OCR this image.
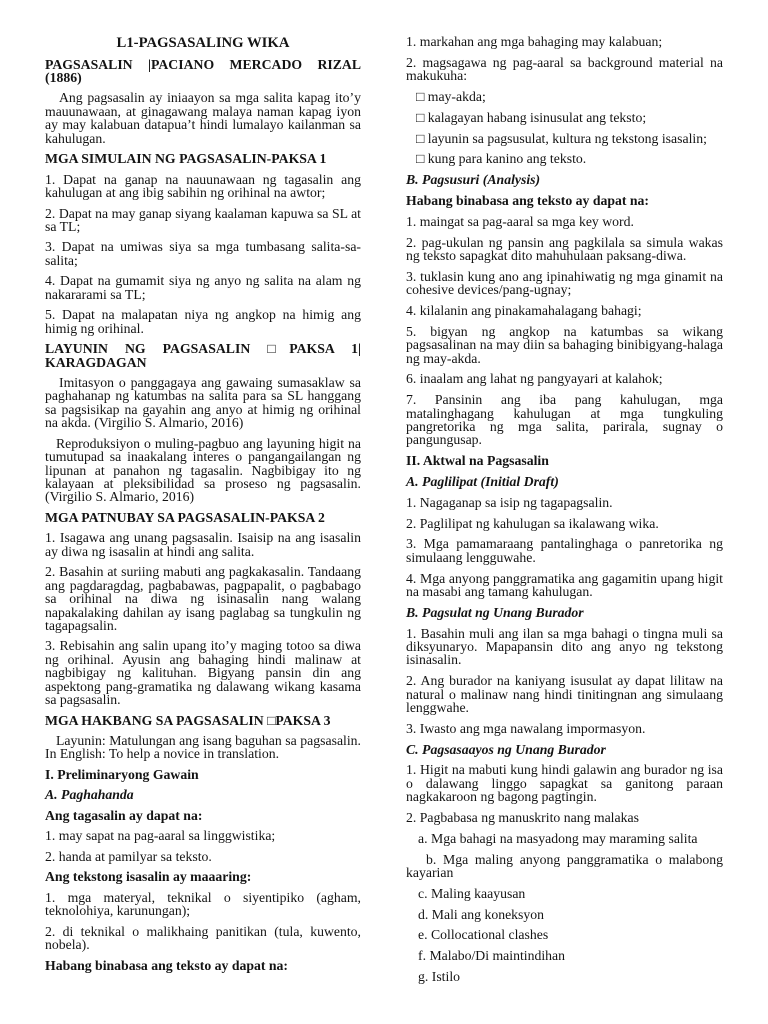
L1-PAGSASALING WIKA

PAGSASALIN |PACIANO MERCADO RIZAL (1886)

Ang pagsasalin ay iniaayon sa mga salita kapag ito’y mauunawaan, at ginagawang malaya naman kapag iyon ay may kalabuan datapua’t hindi lumalayo kailanman sa kahulugan.

MGA SIMULAIN NG PAGSASALIN-PAKSA 1

1. Dapat na ganap na nauunawaan ng tagasalin ang kahulugan at ang ibig sabihin ng orihinal na awtor;

2. Dapat na may ganap siyang kaalaman kapuwa sa SL at sa TL;

3. Dapat na umiwas siya sa mga tumbasang salita-sa-salita;

4. Dapat na gumamit siya ng anyo ng salita na alam ng nakararami sa TL;

5. Dapat na malapatan niya ng angkop na himig ang himig ng orihinal.

LAYUNIN NG PAGSASALIN □PAKSA 1| KARAGDAGAN

Imitasyon o panggagaya ang gawaing sumasaklaw sa paghahanap ng katumbas na salita para sa SL hanggang sa pagsisikap na gayahin ang anyo at himig ng orihinal na akda. (Virgilio S. Almario, 2016)

Reproduksiyon o muling-pagbuo ang layuning higit na tumutupad sa inaakalang interes o pangangailangan ng lipunan at panahon ng tagasalin. Nagbibigay ito ng kalayaan at pleksibilidad sa proseso ng pagsasalin. (Virgilio S. Almario, 2016)

MGA PATNUBAY SA PAGSASALIN-PAKSA 2

1. Isagawa ang unang pagsasalin. Isaisip na ang isasalin ay diwa ng isasalin at hindi ang salita.

2. Basahin at suriing mabuti ang pagkakasalin. Tandaang ang pagdaragdag, pagbabawas, pagpapalit, o pagbabago sa orihinal na diwa ng isinasalin nang walang napakalaking dahilan ay isang paglabag sa tungkulin ng tagapagsalin.

3. Rebisahin ang salin upang ito’y maging totoo sa diwa ng orihinal. Ayusin ang bahaging hindi malinaw at nagbibigay ng kalituhan. Bigyang pansin din ang aspektong pang-gramatika ng dalawang wikang kasama sa pagsasalin.

MGA HAKBANG SA PAGSASALIN □PAKSA 3

Layunin: Matulungan ang isang baguhan sa pagsasalin. In English: To help a novice in translation.

I. Preliminaryong Gawain

A. Paghahanda

Ang tagasalin ay dapat na:

1. may sapat na pag-aaral sa linggwistika;

2. handa at pamilyar sa teksto.

Ang tekstong isasalin ay maaaring:

1. mga materyal, teknikal o siyentipiko (agham, teknolohiya, karunungan);

2. di teknikal o malikhaing panitikan (tula, kuwento, nobela).

Habang binabasa ang teksto ay dapat na:

1. markahan ang mga bahaging may kalabuan;

2. magsagawa ng pag-aaral sa background material na makukuha:

□ may-akda;

□ kalagayan habang isinusulat ang teksto;

□ layunin sa pagsusulat, kultura ng tekstong isasalin;

□ kung para kanino ang teksto.

B. Pagsusuri (Analysis)

Habang binabasa ang teksto ay dapat na:

1. maingat sa pag-aaral sa mga key word.

2. pag-ukulan ng pansin ang pagkilala sa simula wakas ng teksto sapagkat dito mahuhulaan paksang-diwa.

3. tuklasin kung ano ang ipinahiwatig ng mga ginamit na cohesive devices/pang-ugnay;

4. kilalanin ang pinakamahalagang bahagi;

5. bigyan ng angkop na katumbas sa wikang pagsasalinan na may diin sa bahaging binibigyang-halaga ng may-akda.

6. inaalam ang lahat ng pangyayari at kalahok;

7. Pansinin ang iba pang kahulugan, mga matalinghagang kahulugan at mga tungkuling pangretorika ng mga salita, parirala, sugnay o pangungusap.

II. Aktwal na Pagsasalin

A. Paglilipat (Initial Draft)

1. Nagaganap sa isip ng tagapagsalin.

2. Paglilipat ng kahulugan sa ikalawang wika.

3. Mga pamamaraang pantalinghaga o panretorika ng simulaang lengguwahe.

4. Mga anyong panggramatika ang gagamitin upang higit na masabi ang tamang kahulugan.

B. Pagsulat ng Unang Burador

1. Basahin muli ang ilan sa mga bahagi o tingna muli sa diksyunaryo. Mapapansin dito ang anyo ng tekstong isinasalin.

2. Ang burador na kaniyang isusulat ay dapat lilitaw na natural o malinaw nang hindi tinitingnan ang simulaang lenggwahe.

3. Iwasto ang mga nawalang impormasyon.

C. Pagsasaayos ng Unang Burador

1. Higit na mabuti kung hindi galawin ang burador ng isa o dalawang linggo sapagkat sa ganitong paraan nagkakaroon ng bagong pagtingin.

2. Pagbabasa ng manuskrito nang malakas

a. Mga bahagi na masyadong may maraming salita

b. Mga maling anyong panggramatika o malabong kayarian

c. Maling kaayusan

d. Mali ang koneksyon

e. Collocational clashes

f. Malabo/Di maintindihan

g. Istilo
